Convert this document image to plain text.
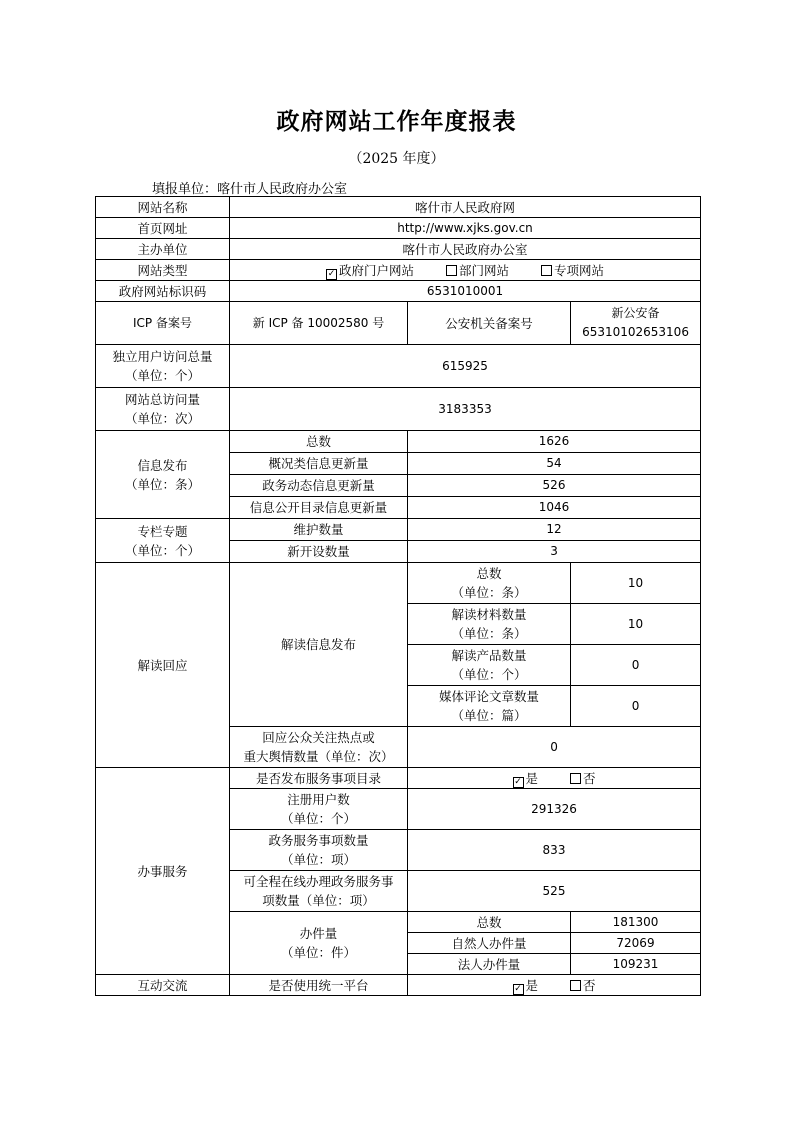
政府网站工作年度报表
（2025 年度）
填报单位：喀什市人民政府办公室
网站名称	喀什市人民政府网		
首页网址	http://www.xjks.gov.cn		
主办单位	喀什市人民政府办公室		
网站类型	✓ 政府门户网站 部门网站 专项网站		
政府网站标识码	6531010001		
ICP 备案号	新 ICP 备 10002580 号	公安机关备案号	新公安备
65310102653106

独立用户访问总量
（单位：个）	615925		

网站总访问量
（单位：次）	3183353		

信息发布
（单位：条）	总数	1626	
	概况类信息更新量	54	
	政务动态信息更新量	526	
	信息公开目录信息更新量	1046	

专栏专题
（单位：个）	维护数量	12	
	新开设数量	3	
解读回应	解读信息发布	总数
（单位：条）	10

		解读材料数量
（单位：条）	10

		解读产品数量
（单位：个）	0

		媒体评论文章数量
（单位：篇）	0

	回应公众关注热点或
重大舆情数量（单位：次）	0	
办事服务	是否发布服务事项目录	✓ 是 否	

	注册用户数
（单位：个）	291326	

	政务服务事项数量
（单位：项）	833	

	可全程在线办理政务服务事
项数量（单位：项）	525	

	办件量
（单位：件）	总数	181300
		自然人办件量	72069
		法人办件量	109231
互动交流	是否使用统一平台	✓ 是 否	
